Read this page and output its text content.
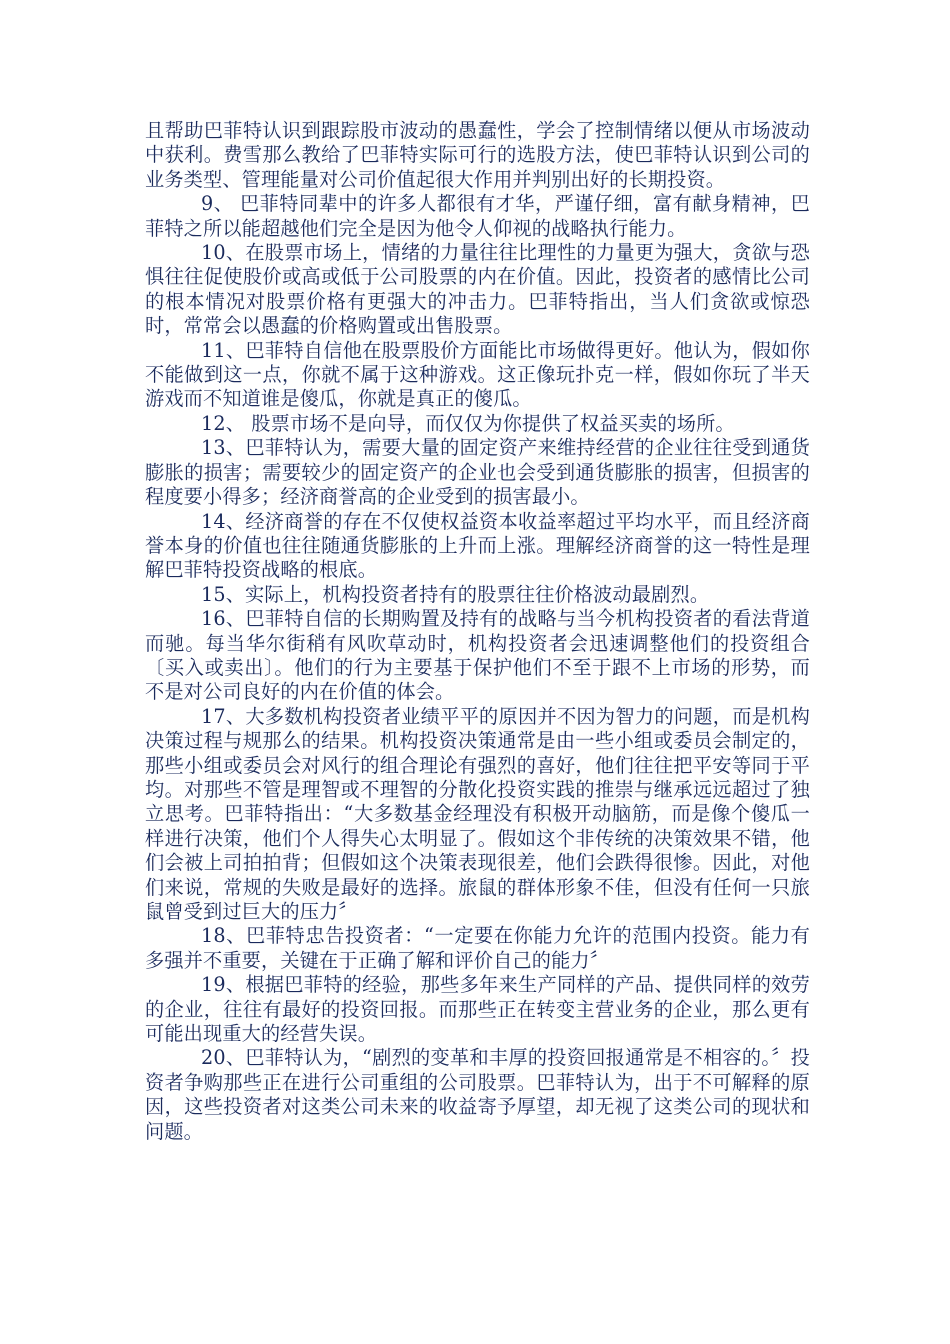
且帮助巴菲特认识到跟踪股市波动的愚蠢性，学会了控制情绪以便从市场波动中获利。费雪那么教给了巴菲特实际可行的选股方法，使巴菲特认识到公司的业务类型、管理能量对公司价值起很大作用并判别出好的长期投资。

9、 巴菲特同辈中的许多人都很有才华，严谨仔细，富有献身精神，巴菲特之所以能超越他们完全是因为他令人仰视的战略执行能力。

10、在股票市场上，情绪的力量往往比理性的力量更为强大，贪欲与恐惧往往促使股价或高或低于公司股票的内在价值。因此，投资者的感情比公司的根本情况对股票价格有更强大的冲击力。巴菲特指出，当人们贪欲或惊恐时，常常会以愚蠢的价格购置或出售股票。

11、巴菲特自信他在股票股价方面能比市场做得更好。他认为，假如你不能做到这一点，你就不属于这种游戏。这正像玩扑克一样，假如你玩了半天游戏而不知道谁是傻瓜，你就是真正的傻瓜。

12、 股票市场不是向导，而仅仅为你提供了权益买卖的场所。

13、巴菲特认为，需要大量的固定资产来维持经营的企业往往受到通货膨胀的损害；需要较少的固定资产的企业也会受到通货膨胀的损害，但损害的程度要小得多；经济商誉高的企业受到的损害最小。

14、经济商誉的存在不仅使权益资本收益率超过平均水平，而且经济商誉本身的价值也往往随通货膨胀的上升而上涨。理解经济商誉的这一特性是理解巴菲特投资战略的根底。

15、实际上，机构投资者持有的股票往往价格波动最剧烈。

16、巴菲特自信的长期购置及持有的战略与当今机构投资者的看法背道而驰。每当华尔街稍有风吹草动时，机构投资者会迅速调整他们的投资组合〔买入或卖出〕。他们的行为主要基于保护他们不至于跟不上市场的形势，而不是对公司良好的内在价值的体会。

17、大多数机构投资者业绩平平的原因并不因为智力的问题，而是机构决策过程与规那么的结果。机构投资决策通常是由一些小组或委员会制定的，那些小组或委员会对风行的组合理论有强烈的喜好，他们往往把平安等同于平均。对那些不管是理智或不理智的分散化投资实践的推崇与继承远远超过了独立思考。巴菲特指出：“大多数基金经理没有积极开动脑筋，而是像个傻瓜一样进行决策，他们个人得失心太明显了。假如这个非传统的决策效果不错，他们会被上司拍拍背；但假如这个决策表现很差，他们会跌得很惨。因此，对他们来说，常规的失败是最好的选择。旅鼠的群体形象不佳，但没有任何一只旅鼠曾受到过巨大的压力〞

18、巴菲特忠告投资者：“一定要在你能力允许的范围内投资。能力有多强并不重要，关键在于正确了解和评价自己的能力〞

19、根据巴菲特的经验，那些多年来生产同样的产品、提供同样的效劳的企业，往往有最好的投资回报。而那些正在转变主营业务的企业，那么更有可能出现重大的经营失误。

20、巴菲特认为，“剧烈的变革和丰厚的投资回报通常是不相容的。〞投资者争购那些正在进行公司重组的公司股票。巴菲特认为，出于不可解释的原因，这些投资者对这类公司未来的收益寄予厚望，却无视了这类公司的现状和问题。
